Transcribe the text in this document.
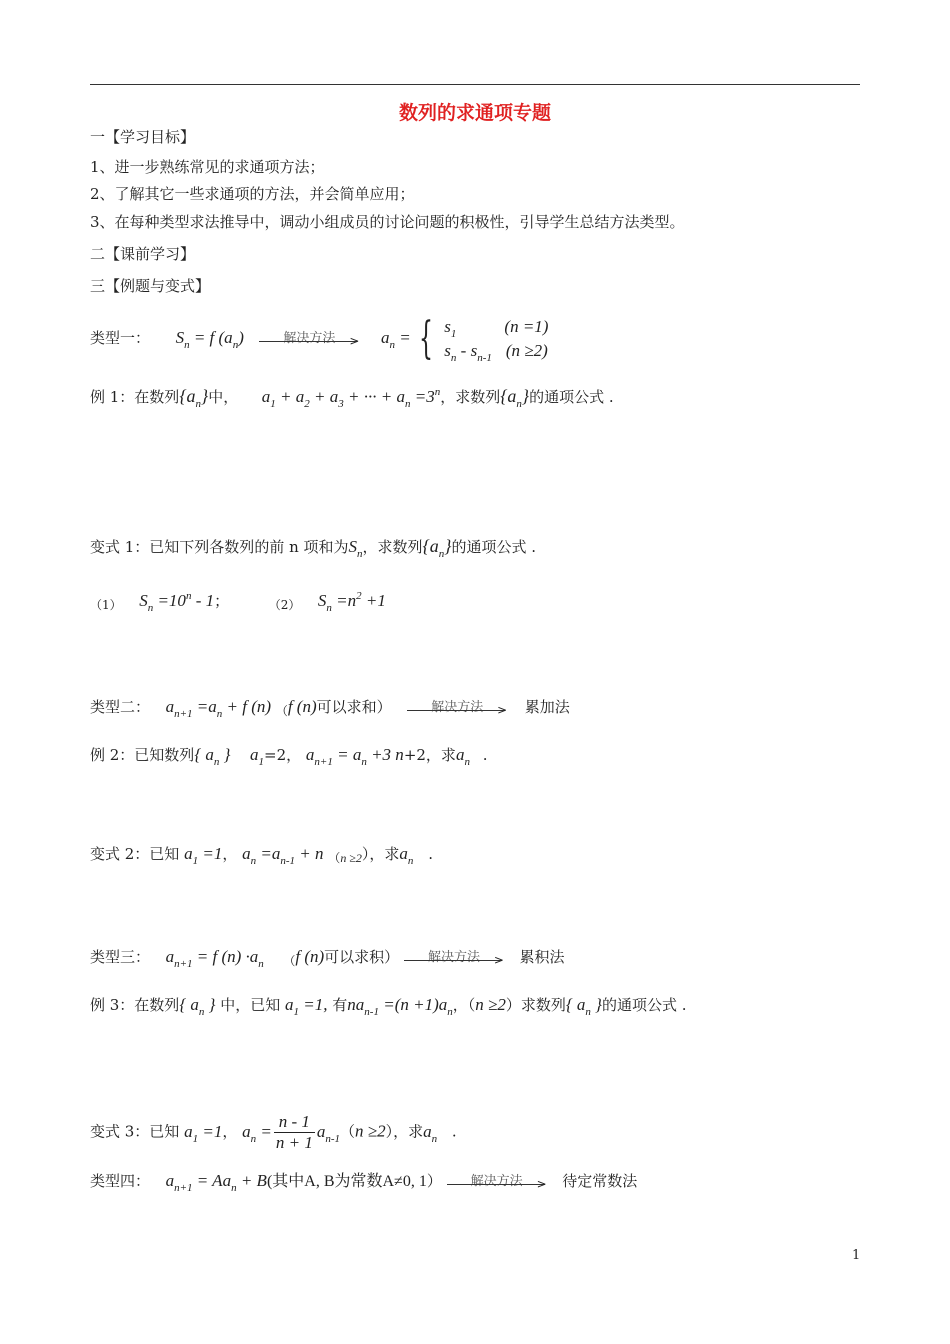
数列的求通项专题
一【学习目标】
1、进一步熟练常见的求通项方法；
2、了解其它一些求通项的方法，并会简单应用；
3、在每种类型求法推导中，调动小组成员的讨论问题的积极性，引导学生总结方法类型。
二【课前学习】
三【例题与变式】
类型一： $S_n = f$ $(a_n)$	解决方法 > $a_n$ = { $s_1$	(n =1)
$s_n - s_{n-1}$ (n ≥2)
例 1：在数列$\{a_n\}$中， $a_1 + a_2 + a_3$ + ··· + $a_n =3^n$，求数列$\{a_n\}$的通项公式 .
变式 1：已知下列各数列的前 n 项和为$S_n$，求数列$\{a_n\}$的通项公式 .
$_{(1)}$ $S_n =10^n - 1$；	$_{(2)}$ $S_n =n^2 +1$
类型二： $a_{n+1} =a_n + f$ (n) $_($f (n)可以求和）	解决方法 > 累加法
例 2：已知数列{ $a_n$ } $a_1=2$， $a_{n+1} = a_n +3$ n+2，求$a_n$ .
变式 2：已知 $a_1 =1$， $a_n =a_{n-1} + n$ $_{(n \ge 2}$），求$a_n$ .
类型三： $a_{n+1} = f$ $(n) \cdot a_n$ $_($f (n)可以求积） 解决方法 > 累积法
例 3：在数列{ $a_n$ } 中，已知 $a_1 =1$, 有$na_{n-1} =(n +1)a_n$，（n ≥2）求数列{ $a_n$ }的通项公式 .
变式 3：已知 $a_1 =1$， $a_n = \frac{n - 1}{n + 1} a_{n-1}(n \ge 2)$，求$a_n$ .
类型四： $a_{n+1} = Aa_n + B$(其中A, B为常数A≠0, 1） 解决方法 > 待定常数法
1
